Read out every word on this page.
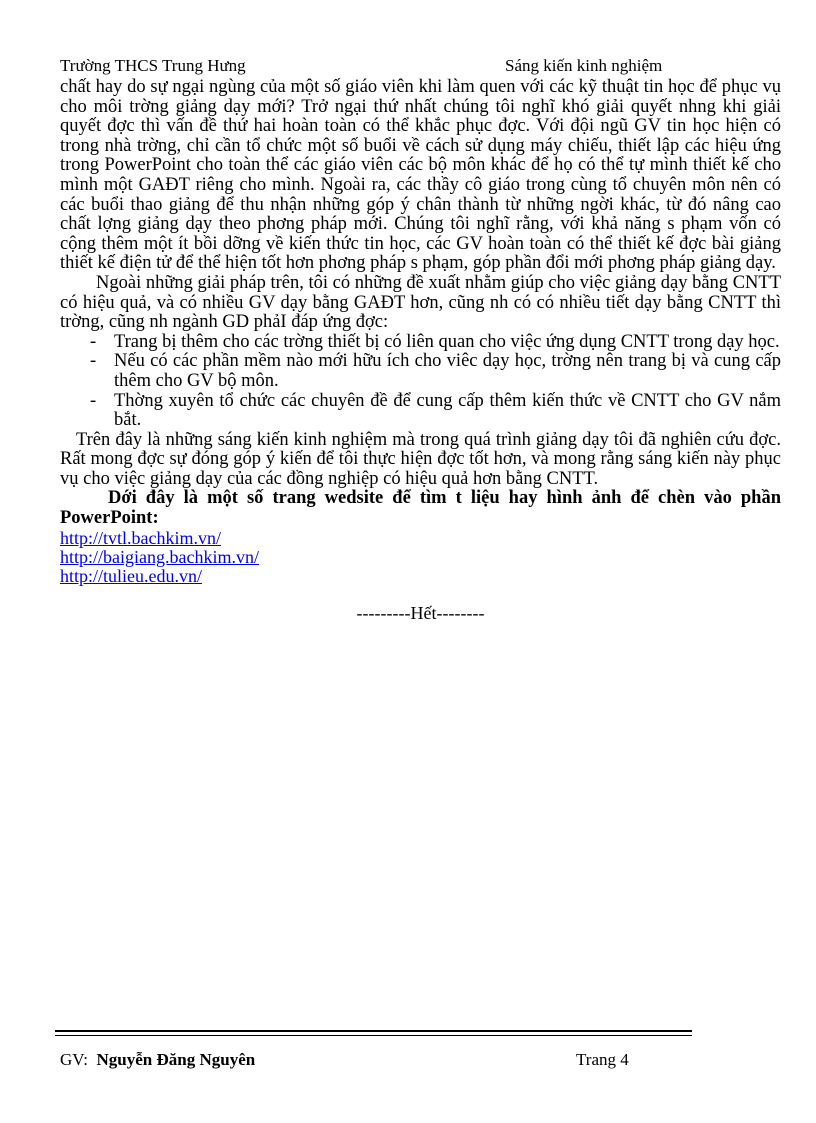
Trường THCS Trung Hưng	Sáng kiến kinh nghiệm

chất hay do sự ngại ngùng của một số giáo viên khi làm quen với các kỹ thuật tin học để phục vụ cho môi trờng giảng dạy mới? Trở ngại thứ nhất chúng tôi nghĩ khó giải quyết nhng khi giải quyết đợc thì vấn đề thứ hai hoàn toàn có thể khắc phục đợc. Với đội ngũ GV tin học hiện có trong nhà trờng, chỉ cần tổ chức một số buổi về cách sử dụng máy chiếu, thiết lập các hiệu ứng trong PowerPoint cho toàn thể các giáo viên các bộ môn khác để họ có thể tự mình thiết kế cho mình một GAĐT riêng cho mình. Ngoài ra, các thầy cô giáo trong cùng tổ chuyên môn nên có các buổi thao giảng để thu nhận những góp ý chân thành từ những ngời khác, từ đó nâng cao chất lợng giảng dạy theo phơng pháp mới. Chúng tôi nghĩ rằng, với khả năng s phạm vốn có cộng thêm một ít bồi dỡng về kiến thức tin học, các GV hoàn toàn có thể thiết kế đợc bài giảng thiết kế điện tử để thể hiện tốt hơn phơng pháp s phạm, góp phần đổi mới phơng pháp giảng dạy.

Ngoài những giải pháp trên, tôi có những đề xuất nhằm giúp cho việc giảng dạy bằng CNTT có hiệu quả, và có nhiều GV dạy bằng GAĐT hơn, cũng nh có có nhiều tiết dạy bằng CNTT thì trờng, cũng nh ngành GD phảI đáp ứng đợc:

- Trang bị thêm cho các trờng thiết bị có liên quan cho việc ứng dụng CNTT trong dạy học.
- Nếu có các phần mềm nào mới hữu ích cho viêc dạy học, trờng nên trang bị và cung cấp thêm cho GV bộ môn.
- Thờng xuyên tổ chức các chuyên đề để cung cấp thêm kiến thức về CNTT cho GV nắm bắt.

Trên đây là những sáng kiến kinh nghiệm mà trong quá trình giảng dạy tôi đã nghiên cứu đợc. Rất mong đợc sự đóng góp ý kiến để tôi thực hiện đợc tốt hơn, và mong rằng sáng kiến này phục vụ cho việc giảng dạy của các đồng nghiệp có hiệu quả hơn bằng CNTT.

Dới đây là một số trang wedsite để tìm t liệu hay hình ảnh để chèn vào phần PowerPoint:

http://tvtl.bachkim.vn/
http://baigiang.bachkim.vn/
http://tulieu.edu.vn/
---------Hết--------
GV: Nguyễn Đăng Nguyên	Trang 4
